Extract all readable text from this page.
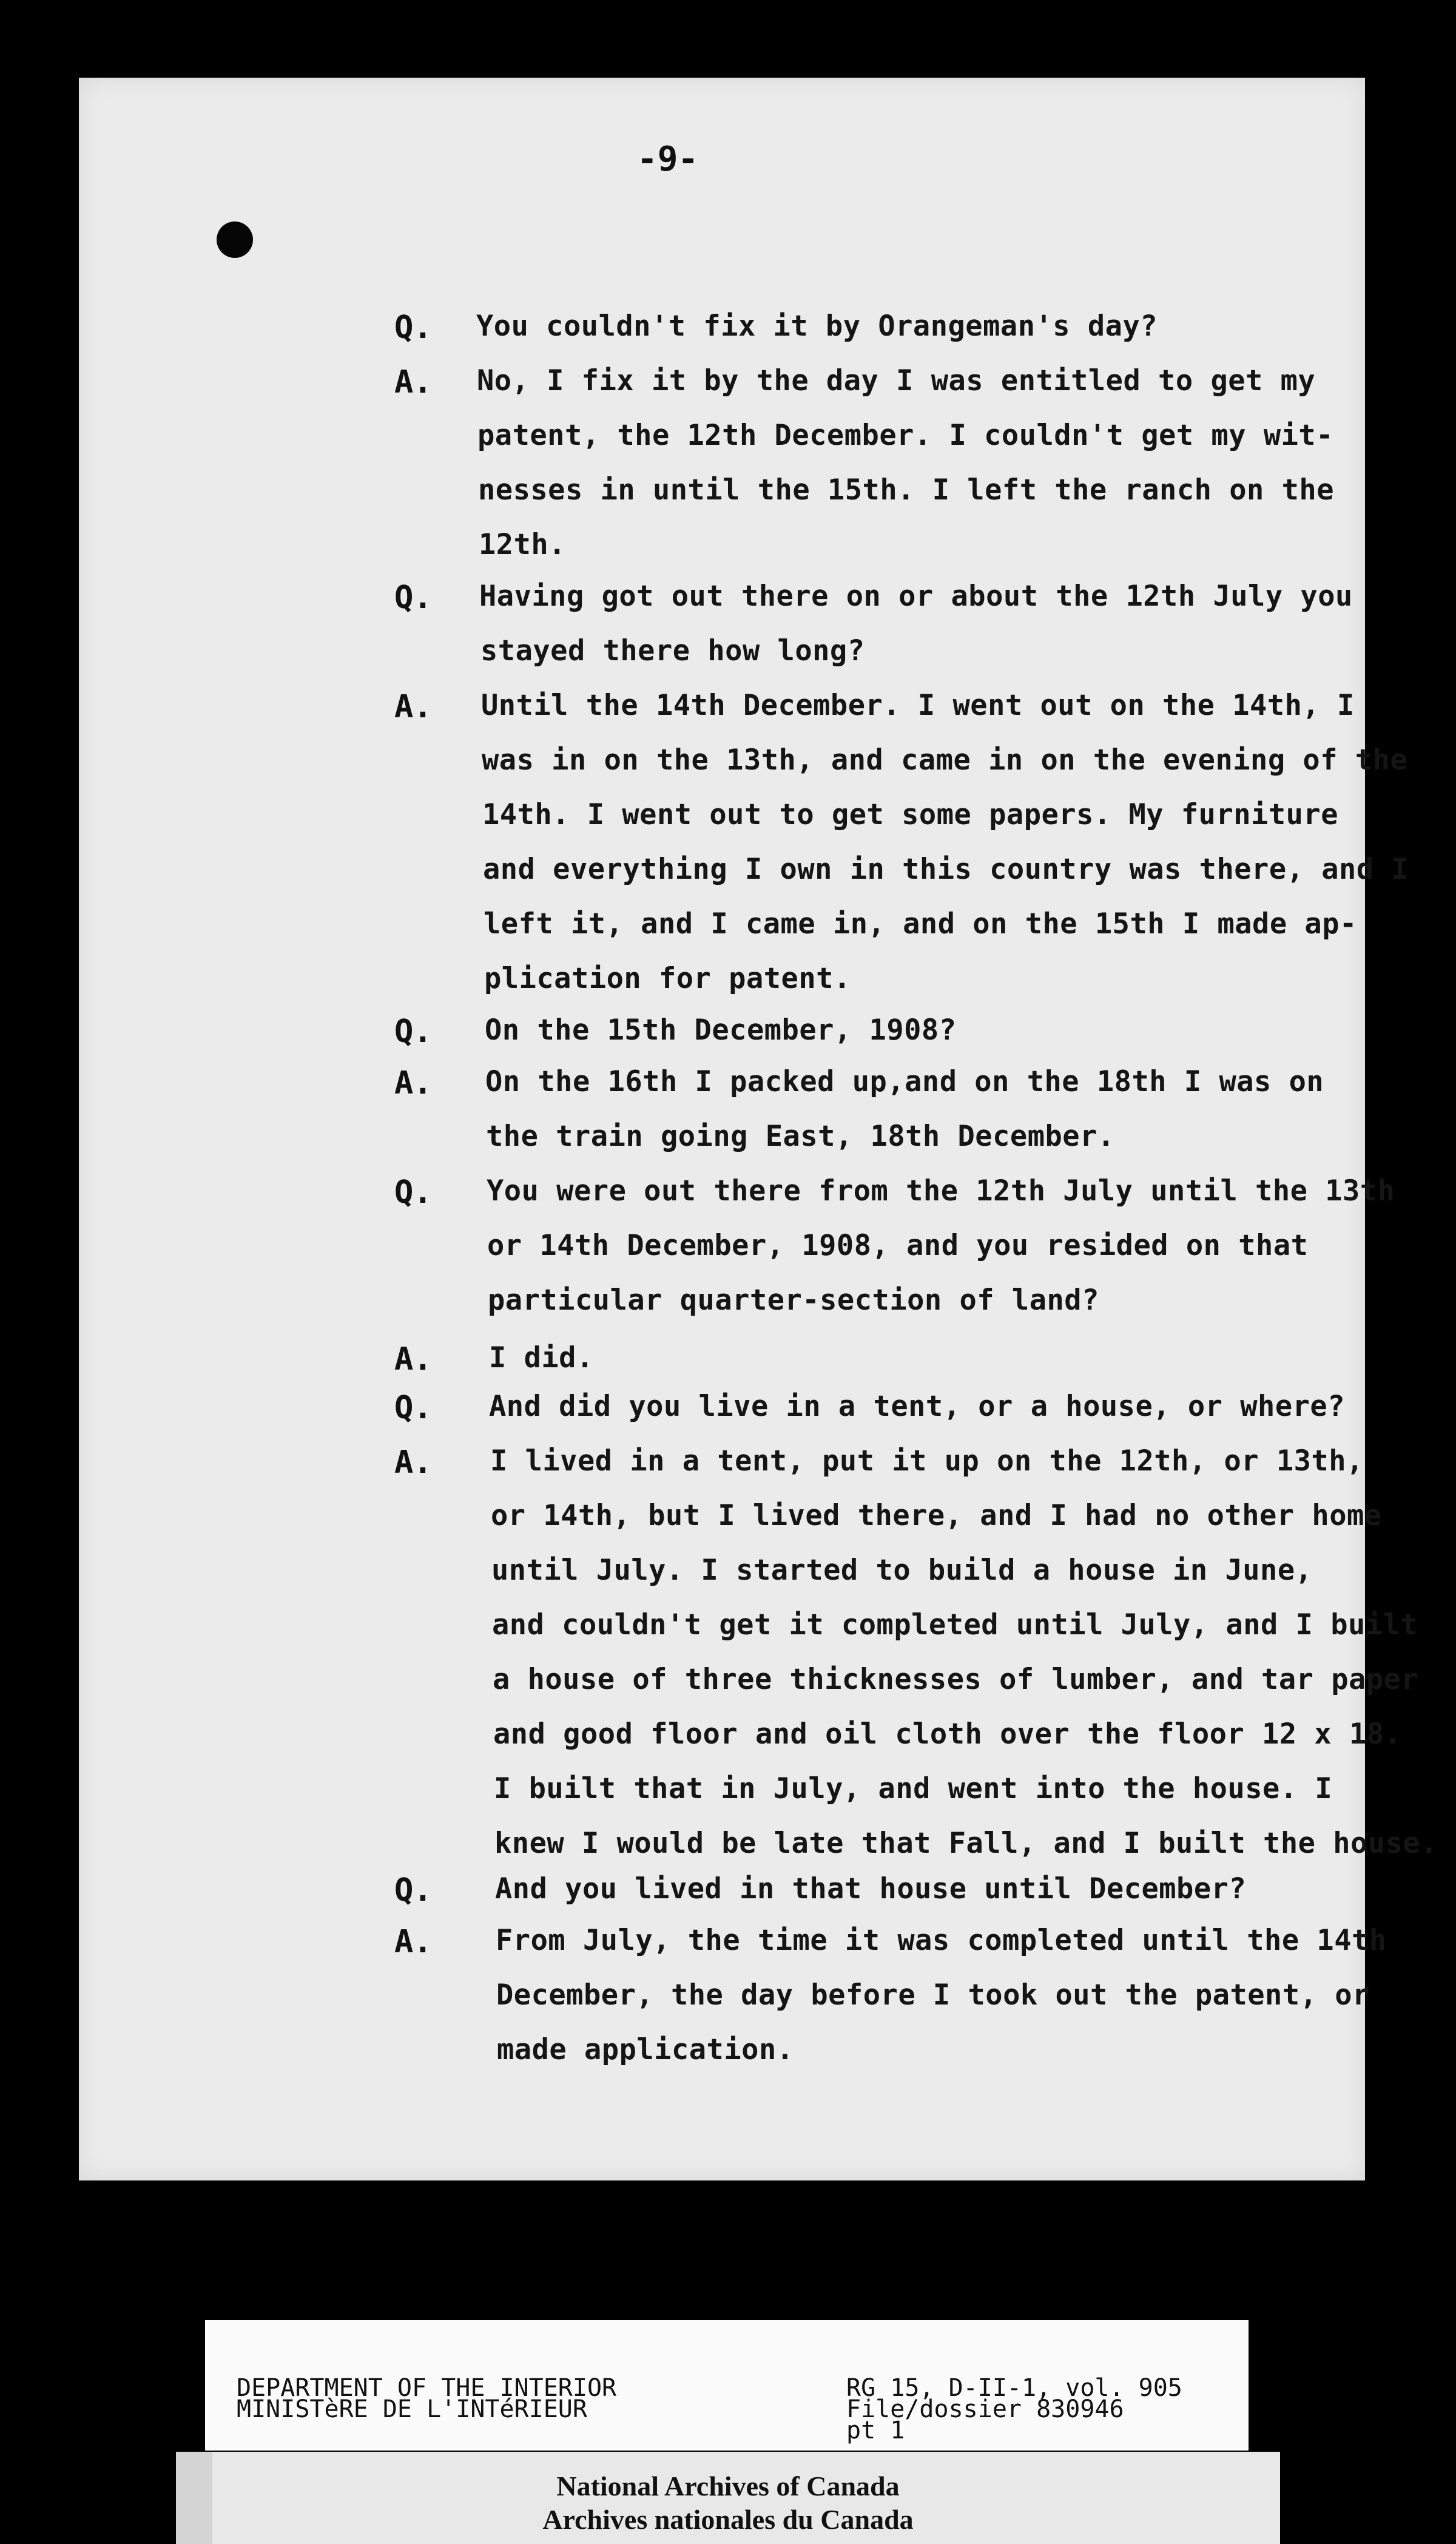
-9-
Q. You couldn't fix it by Orangeman's day?
A. No, I fix it by the day I was entitled to get my
patent, the 12th December. I couldn't get my wit-
nesses in until the 15th. I left the ranch on the
12th.
Q. Having got out there on or about the 12th July you
stayed there how long?
A. Until the 14th December. I went out on the 14th, I
was in on the 13th, and came in on the evening of the
14th. I went out to get some papers. My furniture
and everything I own in this country was there, and I
left it, and I came in, and on the 15th I made ap-
plication for patent.
Q. On the 15th December, 1908?
A. On the 16th I packed up,and on the 18th I was on
the train going East, 18th December.
Q. You were out there from the 12th July until the 13th
or 14th December, 1908, and you resided on that
particular quarter-section of land?
A. I did.
Q. And did you live in a tent, or a house, or where?
A. I lived in a tent, put it up on the 12th, or 13th,
or 14th, but I lived there, and I had no other home
until July. I started to build a house in June,
and couldn't get it completed until July, and I built
a house of three thicknesses of lumber, and tar paper
and good floor and oil cloth over the floor 12 x 18.
I built that in July, and went into the house. I
knew I would be late that Fall, and I built the house.
Q. And you lived in that house until December?
A. From July, the time it was completed until the 14th
December, the day before I took out the patent, or
made application.
DEPARTMENT OF THE INTERIOR
MINISTèRE DE L'INTéRIEUR
RG 15, D-II-1, vol. 905
File/dossier 830946
pt 1
National Archives of Canada
Archives nationales du Canada
